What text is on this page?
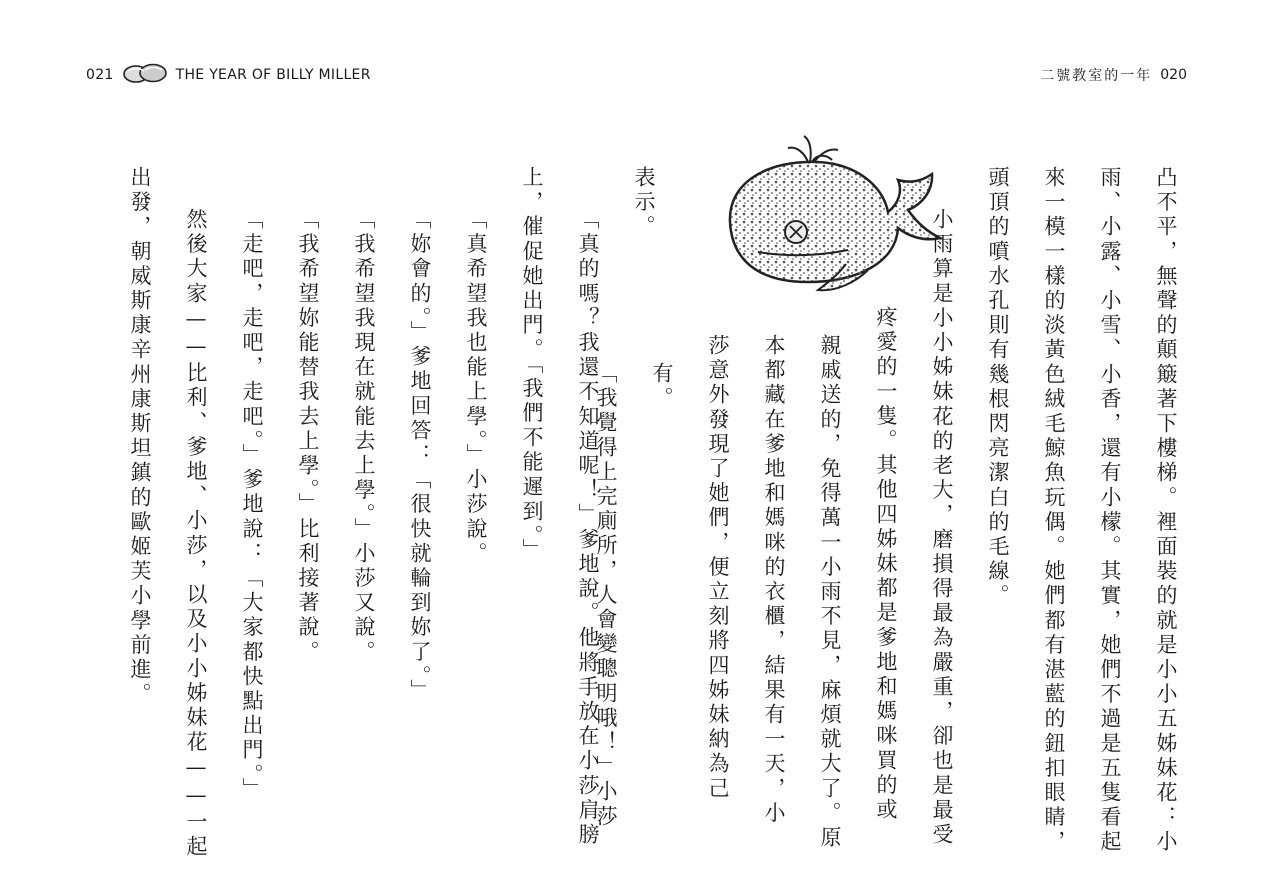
021	THE YEAR OF BILLY MILLER	二號教室的一年 020
凸不平，無聲的顛簸著下樓梯。裡面裝的就是小小五姊妹花：小
雨、小露、小雪、小香，還有小檬。其實，她們不過是五隻看起
來一模一樣的淡黃色絨毛鯨魚玩偶。她們都有湛藍的鈕扣眼睛，
頭頂的噴水孔則有幾根閃亮潔白的毛線。
小雨算是小小姊妹花的老大，磨損得最為嚴重，卻也是最受
疼愛的一隻。其他四姊妹都是爹地和媽咪買的或
親戚送的，免得萬一小雨不見，麻煩就大了。原
本都藏在爹地和媽咪的衣櫃，結果有一天，小
莎意外發現了她們，便立刻將四姊妹納為己
有。
「我覺得上完廁所，人會變聰明哦！」小莎
表示。
「真的嗎？我還不知道呢！」爹地說。他將手放在小莎肩膀
上，催促她出門。「我們不能遲到。」
「真希望我也能上學。」小莎說。
「妳會的。」爹地回答：「很快就輪到妳了。」
「我希望我現在就能去上學。」小莎又說。
「我希望妳能替我去上學。」比利接著說。
「走吧，走吧，走吧。」爹地說：「大家都快點出門。」
然後大家——比利、爹地、小莎，以及小小姊妹花——一起
出發，朝威斯康辛州康斯坦鎮的歐姬芙小學前進。
